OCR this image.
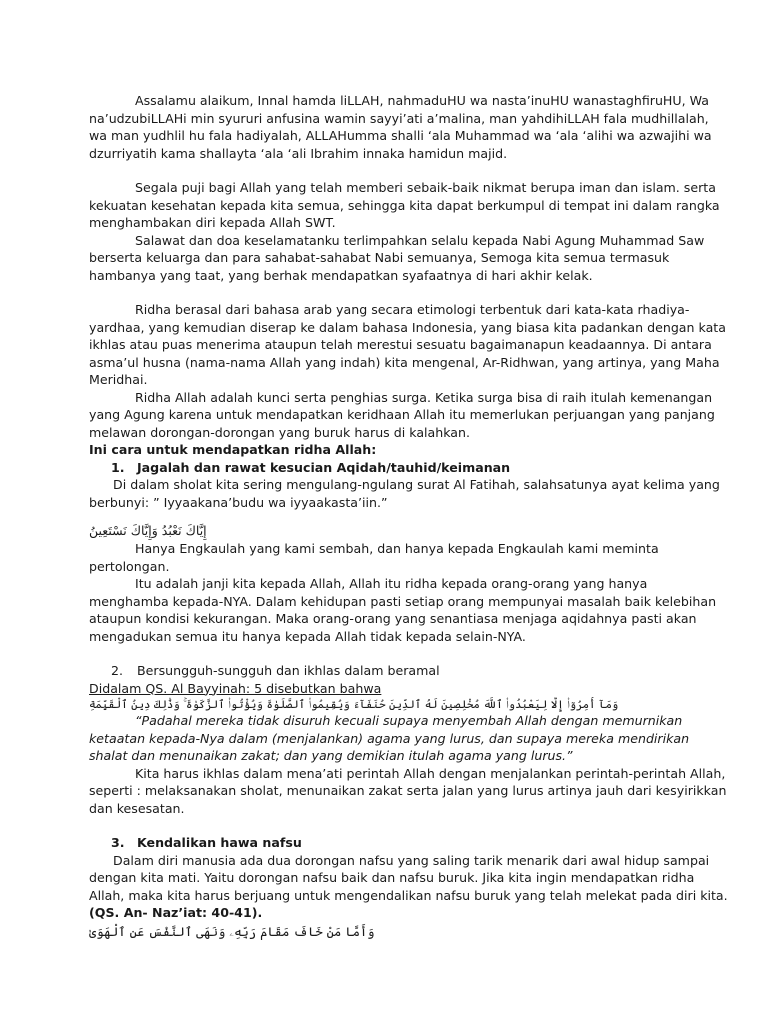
Assalamu alaikum, Innal hamda liLLAH, nahmaduHU wa nasta’inuHU wanastaghfiruHU, Wa na’udzubiLLAHi min syururi anfusina wamin sayyi’ati a’malina, man yahdihiLLAH fala mudhillalah, wa man yudhlil hu fala hadiyalah, ALLAHumma shalli ‘ala Muhammad wa ‘ala ‘alihi wa azwajihi wa dzurriyatih kama shallayta ‘ala ‘ali Ibrahim innaka hamidun majid.

Segala puji bagi Allah yang telah memberi sebaik-baik nikmat berupa iman dan islam. serta kekuatan kesehatan kepada kita semua, sehingga kita dapat berkumpul di tempat ini dalam rangka menghambakan diri kepada Allah SWT.

Salawat dan doa keselamatanku terlimpahkan selalu kepada Nabi Agung Muhammad Saw berserta keluarga dan para sahabat-sahabat Nabi semuanya, Semoga kita semua termasuk hambanya yang taat, yang berhak mendapatkan syafaatnya di hari akhir kelak.

Ridha berasal dari bahasa arab yang secara etimologi terbentuk dari kata-kata rhadiya-yardhaa, yang kemudian diserap ke dalam bahasa Indonesia, yang biasa kita padankan dengan kata ikhlas atau puas menerima ataupun telah merestui sesuatu bagaimanapun keadaannya. Di antara asma’ul husna (nama-nama Allah yang indah) kita mengenal, Ar-Ridhwan, yang artinya, yang Maha Meridhai.

Ridha Allah adalah kunci serta penghias surga. Ketika surga bisa di raih itulah kemenangan yang Agung karena untuk mendapatkan keridhaan Allah itu memerlukan perjuangan yang panjang melawan dorongan-dorongan yang buruk harus di kalahkan.

Ini cara untuk mendapatkan ridha Allah:

1. Jagalah dan rawat kesucian Aqidah/tauhid/keimanan

Di dalam sholat kita sering mengulang-ngulang surat Al Fatihah, salahsatunya ayat kelima yang berbunyi: ” Iyyaakana’budu wa iyyaakasta’iin.”

إِيَّاكَ نَعْبُدُ وَإِيَّاكَ نَسْتَعِينُ

Hanya Engkaulah yang kami sembah, dan hanya kepada Engkaulah kami meminta pertolongan.

Itu adalah janji kita kepada Allah, Allah itu ridha kepada orang-orang yang hanya menghamba kepada-NYA. Dalam kehidupan pasti setiap orang mempunyai masalah baik kelebihan ataupun kondisi kekurangan. Maka orang-orang yang senantiasa menjaga aqidahnya pasti akan mengadukan semua itu hanya kepada Allah tidak kepada selain-NYA.

2.	Bersungguh-sungguh dan ikhlas dalam beramal

Didalam QS. Al Bayyinah: 5 disebutkan bahwa

وَمَآ أُمِرُوٓا۟ إِلَّا لِيَعْبُدُوا۟ ٱللَّهَ مُخْلِصِينَ لَهُ ٱلدِّينَ حُنَفَآءَ وَيُقِيمُوا۟ ٱلصَّلَوٰةَ وَيُؤْتُوا۟ ٱلزَّكَوٰةَ ۚ وَذَٰلِكَ دِينُ ٱلْقَيِّمَةِ

“Padahal mereka tidak disuruh kecuali supaya menyembah Allah dengan memurnikan ketaatan kepada-Nya dalam (menjalankan) agama yang lurus, dan supaya mereka mendirikan shalat dan menunaikan zakat; dan yang demikian itulah agama yang lurus.”

Kita harus ikhlas dalam mena’ati perintah Allah dengan menjalankan perintah-perintah Allah, seperti : melaksanakan sholat, menunaikan zakat serta jalan yang lurus artinya jauh dari kesyirikkan dan kesesatan.

3. Kendalikan hawa nafsu

Dalam diri manusia ada dua dorongan nafsu yang saling tarik menarik dari awal hidup sampai dengan kita mati. Yaitu dorongan nafsu baik dan nafsu buruk. Jika kita ingin mendapatkan ridha Allah, maka kita harus berjuang untuk mengendalikan nafsu buruk yang telah melekat pada diri kita.

(QS. An- Naz’iat: 40-41).

وَأَمَّا مَنْ خَافَ مَقَامَ رَبِّهِۦ وَنَهَى ٱلنَّفْسَ عَنِ ٱلْهَوَىٰ
